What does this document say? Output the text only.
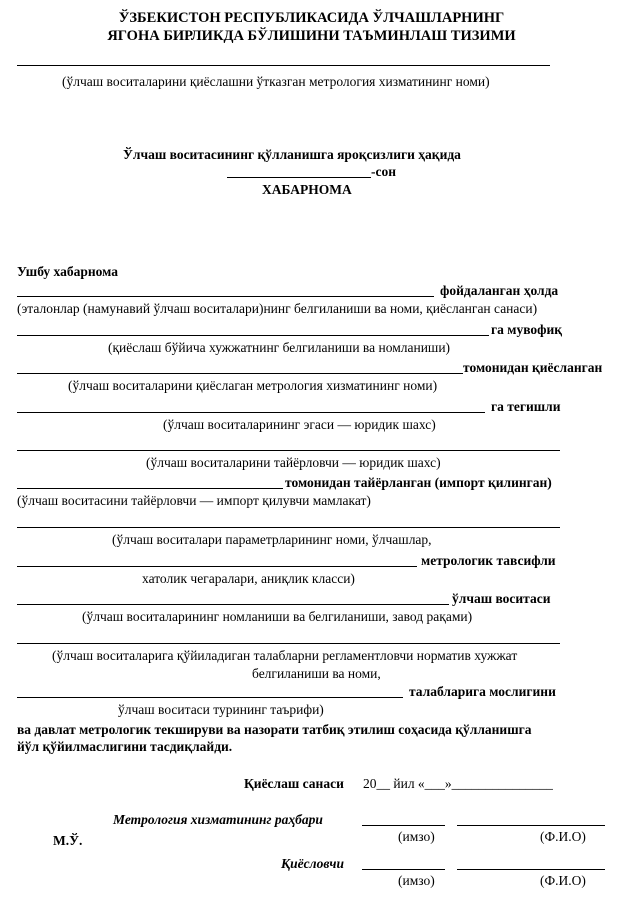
ЎЗБЕКИСТОН РЕСПУБЛИКАСИДА ЎЛЧАШЛАРНИНГ
ЯГОНА БИРЛИКДА БЎЛИШИНИ ТАЪМИНЛАШ ТИЗИМИ
(ўлчаш воситаларини қиёслашни ўтказган метрология хизматининг номи)
Ўлчаш воситасининг қўлланишга яроқсизлиги ҳақида
-сон
ХАБАРНОМА
Ушбу хабарнома
фойдаланган ҳолда
(эталонлар (намунавий ўлчаш воситалари)нинг белгиланиши ва номи, қиёсланган санаси)
га мувофиқ
(қиёслаш бўйича хужжатнинг белгиланиши ва номланиши)
томонидан қиёсланган
(ўлчаш воситаларини қиёслаган метрология хизматининг номи)
га тегишли
(ўлчаш воситаларининг эгаси — юридик шахс)
(ўлчаш воситаларини тайёрловчи — юридик шахс)
томонидан тайёрланган (импорт қилинган)
(ўлчаш воситасини тайёрловчи — импорт қилувчи мамлакат)
(ўлчаш воситалари параметрларининг номи, ўлчашлар,
метрологик тавсифли
хатолик чегаралари, аниқлик класси)
ўлчаш воситаси
(ўлчаш воситаларининг номланиши ва белгиланиши, завод рақами)
(ўлчаш воситаларига қўйиладиган талабларни регламентловчи норматив хужжат
белгиланиши ва номи,
талабларига мослигини
ўлчаш воситаси турининг таърифи)
ва давлат метрологик текшируви ва назорати татбиқ этилиш соҳасида қўлланишга
йўл қўйилмаслигини тасдиқлайди.
Қиёслаш санаси 20__ йил «___»_______________
Метрология хизматининг раҳбари
(имзо)	(Ф.И.О)
М.Ў.
Қиёсловчи
(имзо)	(Ф.И.О)
